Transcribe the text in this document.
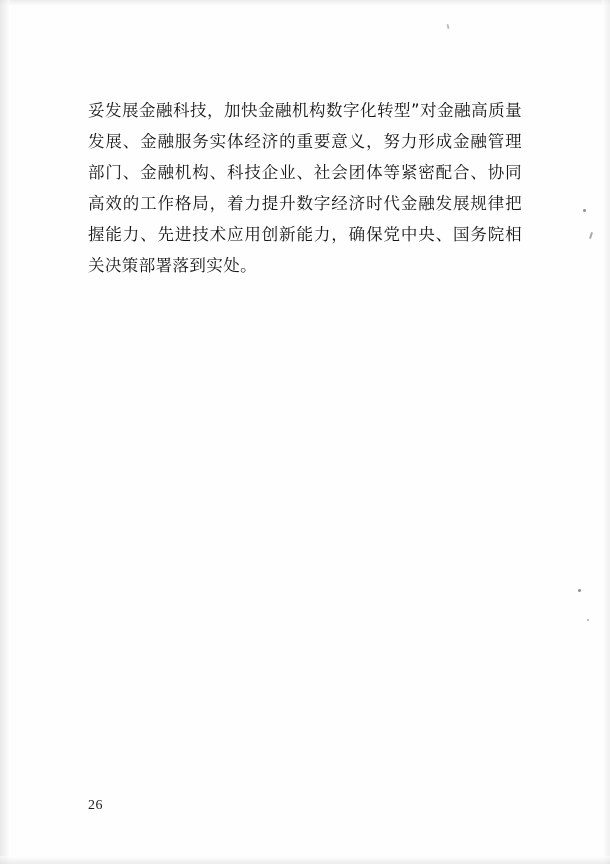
妥发展金融科技，加快金融机构数字化转型”对金融高质量发展、金融服务实体经济的重要意义，努力形成金融管理部门、金融机构、科技企业、社会团体等紧密配合、协同高效的工作格局，着力提升数字经济时代金融发展规律把握能力、先进技术应用创新能力，确保党中央、国务院相关决策部署落到实处。

26
